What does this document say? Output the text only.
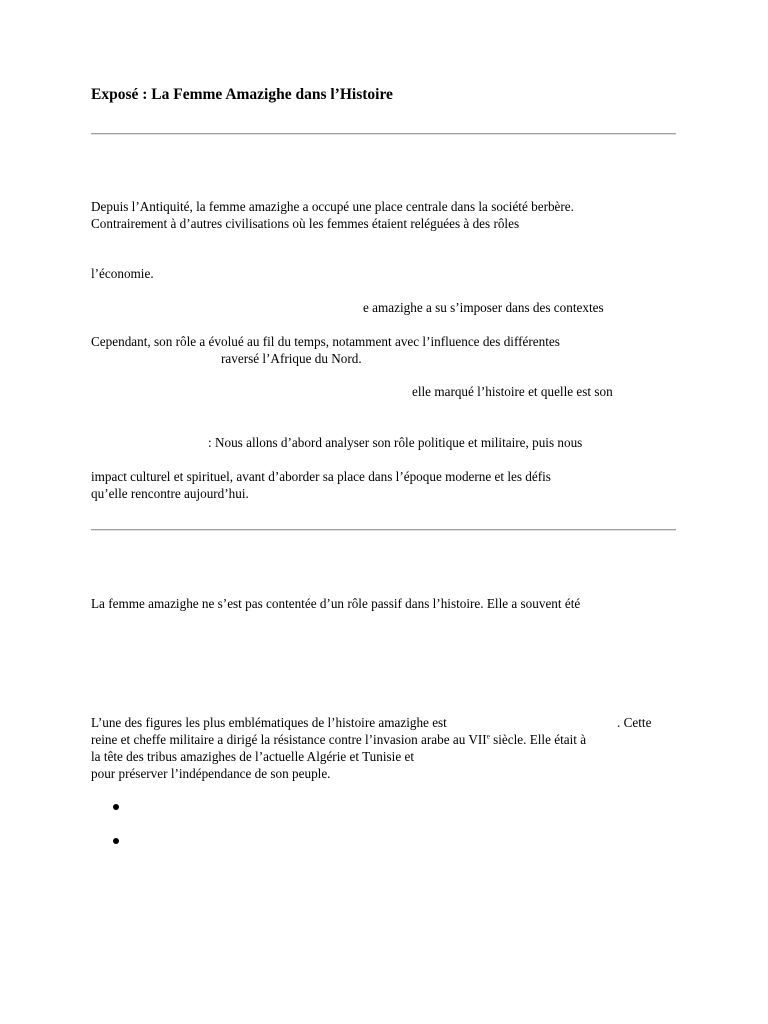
Exposé : La Femme Amazighe dans l’Histoire
Depuis l’Antiquité, la femme amazighe a occupé une place centrale dans la société berbère.
Contrairement à d’autres civilisations où les femmes étaient reléguées à des rôles
l’économie.
e amazighe a su s’imposer dans des contextes
Cependant, son rôle a évolué au fil du temps, notamment avec l’influence des différentes
raversé l’Afrique du Nord.
elle marqué l’histoire et quelle est son
: Nous allons d’abord analyser son rôle politique et militaire, puis nous
impact culturel et spirituel, avant d’aborder sa place dans l’époque moderne et les défis
qu’elle rencontre aujourd’hui.
La femme amazighe ne s’est pas contentée d’un rôle passif dans l’histoire. Elle a souvent été
L’une des figures les plus emblématiques de l’histoire amazighe est	. Cette
reine et cheffe militaire a dirigé la résistance contre l’invasion arabe au VIIe siècle. Elle était à
la tête des tribus amazighes de l’actuelle Algérie et Tunisie et
pour préserver l’indépendance de son peuple.
